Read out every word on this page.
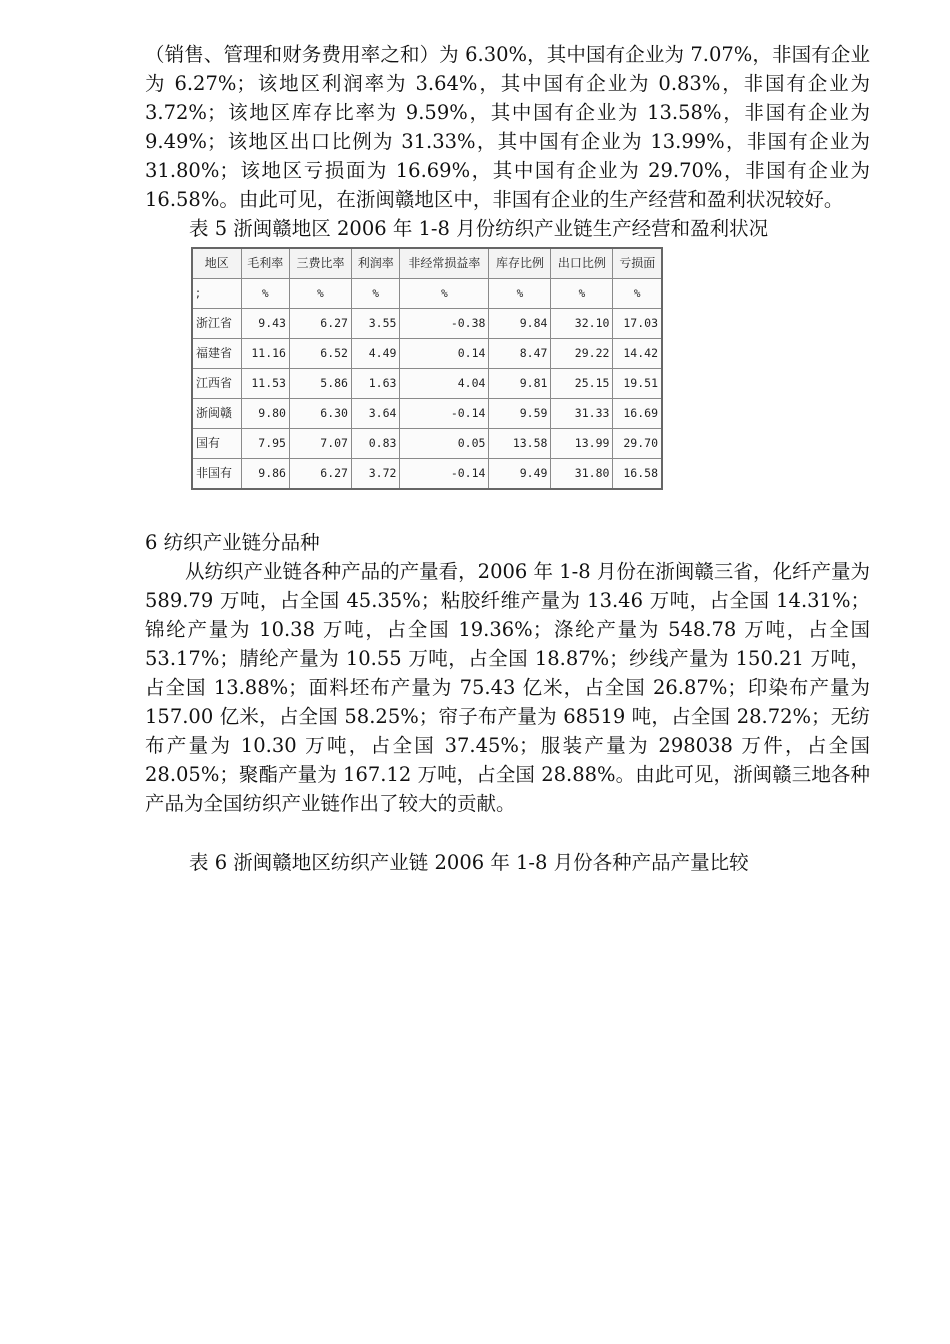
（销售、管理和财务费用率之和）为 6.30%，其中国有企业为 7.07%，非国有企业为 6.27%；该地区利润率为 3.64%，其中国有企业为 0.83%，非国有企业为 3.72%；该地区库存比率为 9.59%，其中国有企业为 13.58%，非国有企业为 9.49%；该地区出口比例为 31.33%，其中国有企业为 13.99%，非国有企业为 31.80%；该地区亏损面为 16.69%，其中国有企业为 29.70%，非国有企业为 16.58%。由此可见，在浙闽赣地区中，非国有企业的生产经营和盈利状况较好。

表 5 浙闽赣地区 2006 年 1-8 月份纺织产业链生产经营和盈利状况

地区	毛利率	三费比率	利润率	非经常损益率	库存比例	出口比例	亏损面
;	%	%	%	%	%	%	%
浙江省	9.43	6.27	3.55	-0.38	9.84	32.10	17.03
福建省	11.16	6.52	4.49	0.14	8.47	29.22	14.42
江西省	11.53	5.86	1.63	4.04	9.81	25.15	19.51
浙闽赣	9.80	6.30	3.64	-0.14	9.59	31.33	16.69
国有	7.95	7.07	0.83	0.05	13.58	13.99	29.70
非国有	9.86	6.27	3.72	-0.14	9.49	31.80	16.58

6 纺织产业链分品种

从纺织产业链各种产品的产量看，2006 年 1-8 月份在浙闽赣三省，化纤产量为 589.79 万吨，占全国 45.35%；粘胶纤维产量为 13.46 万吨，占全国 14.31%；锦纶产量为 10.38 万吨，占全国 19.36%；涤纶产量为 548.78 万吨，占全国 53.17%；腈纶产量为 10.55 万吨，占全国 18.87%；纱线产量为 150.21 万吨，占全国 13.88%；面料坯布产量为 75.43 亿米，占全国 26.87%；印染布产量为 157.00 亿米，占全国 58.25%；帘子布产量为 68519 吨，占全国 28.72%；无纺布产量为 10.30 万吨，占全国 37.45%；服装产量为 298038 万件，占全国 28.05%；聚酯产量为 167.12 万吨，占全国 28.88%。由此可见，浙闽赣三地各种产品为全国纺织产业链作出了较大的贡献。

表 6 浙闽赣地区纺织产业链 2006 年 1-8 月份各种产品产量比较
